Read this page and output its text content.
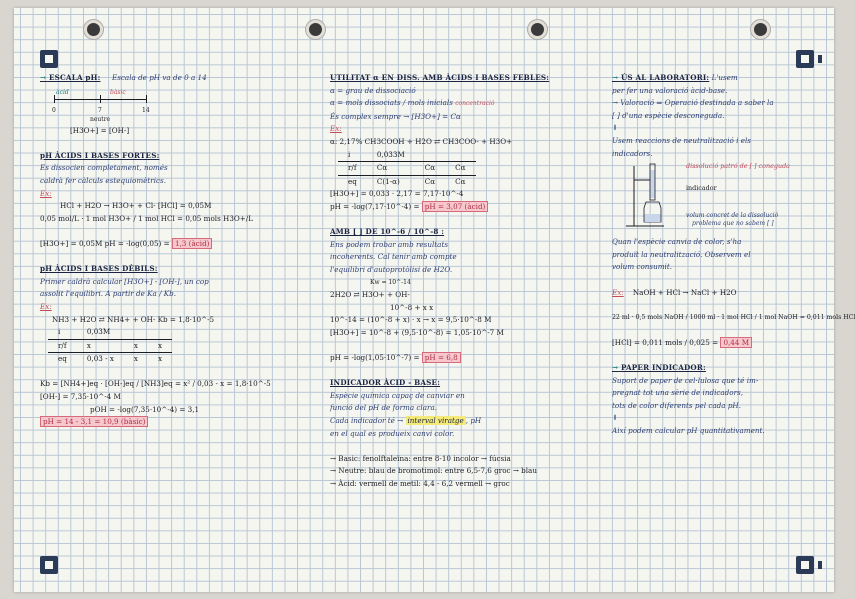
→ ESCALA pH: Escala de pH va de 0 a 14
àcid	bàsic
0	7	14
neutre
[H3O+] = [OH-]
pH ÀCIDS I BASES FORTES:
Es dissocien completament, només
caldrà fer càlculs estequiomètrics.
Ex:
HCl + H2O → H3O+ + Cl- [HCl] = 0,05M
0,05 mol/L · 1 mol H3O+ / 1 mol HCl = 0,05 mols H3O+/L
[H3O+] = 0,05M pH = -log(0,05) = 1,3 (àcid)
pH ÀCIDS I BASES DÈBILS:
Primer caldrà calcular [H3O+] - [OH-], un cop
assolit l'equilibri. A partir de Ka / Kb.
Ex:
NH3 + H2O ⇄ NH4+ + OH- Kb = 1,8·10^-5
i	0,03M		
r/f	x	x	x
eq	0,03 - x	x	x
Kb = [NH4+]eq · [OH-]eq / [NH3]eq = x² / 0,03 - x = 1,8·10^-5
[OH-] = 7,35·10^-4 M
pOH = -log(7,35·10^-4) = 3,1
pH = 14 - 3,1 = 10,9 (bàsic)
UTILITAT α EN DISS. AMB ÀCIDS I BASES FEBLES:
α = grau de dissociació
α = mols dissociats / mols inicials concentració
És complex sempre → [H3O+] = Cα
Ex:
α: 2,17% CH3COOH + H2O ⇄ CH3COO- + H3O+
i	0,033M		
r/f	Cα	Cα	Cα
eq	C(1-α)	Cα	Cα
[H3O+] = 0,033 · 2,17 = 7,17·10^-4
pH = -log(7,17·10^-4) = pH = 3,07 (àcid)
AMB [ ] DE 10^-6 / 10^-8 :
Ens podem trobar amb resultats
incoherents. Cal tenir amb compte
l'equilibri d'autoprotòlisi de H2O.
Kw = 10^-14
2H2O ⇄ H3O+ + OH-
10^-8 + x x
10^-14 = (10^-8 + x) · x → x = 9,5·10^-8 M
[H3O+] = 10^-8 + (9,5·10^-8) = 1,05·10^-7 M
pH = -log(1,05·10^-7) = pH = 6,8
INDICADOR ÀCID - BASE:
Espècie química capaç de canviar en
funció del pH de forma clara.
Cada indicador té → interval viratge , pH
en el qual es produeix canvi color.
→ Basic: fenolftaleïna: entre 8-10 incolor → fúcsia
→ Neutre: blau de bromotimol: entre 6,5-7,6 groc → blau
→ Àcid: vermell de metil: 4,4 - 6,2 vermell → groc
→ ÚS AL LABORATORI: L'usem
per fer una valoració àcid-base.
→ Valoració ⇒ Operació destinada a saber la
[ ] d'una espècie desconeguda.
⇓
Usem reaccions de neutralització i els
indicadors.
dissolució patró de [ ] coneguda
indicador
volum concret de la dissolució
problema que no sabem [ ]
Quan l'espècie canvia de color, s'ha
produït la neutralització. Observem el
volum consumit.
Ex: NaOH + HCl → NaCl + H2O
22 ml · 0,5 mols NaOH / 1000 ml · 1 mol HCl / 1 mol NaOH = 0,011 mols HCl
[HCl] = 0,011 mols / 0,025 = 0,44 M
→ PAPER INDICADOR:
Suport de paper de cel·lulosa que té im-
pregnat tot una sèrie de indicadors,
tots de color diferents pel cada pH.
⇓
Així podem calcular pH quantitativament.
